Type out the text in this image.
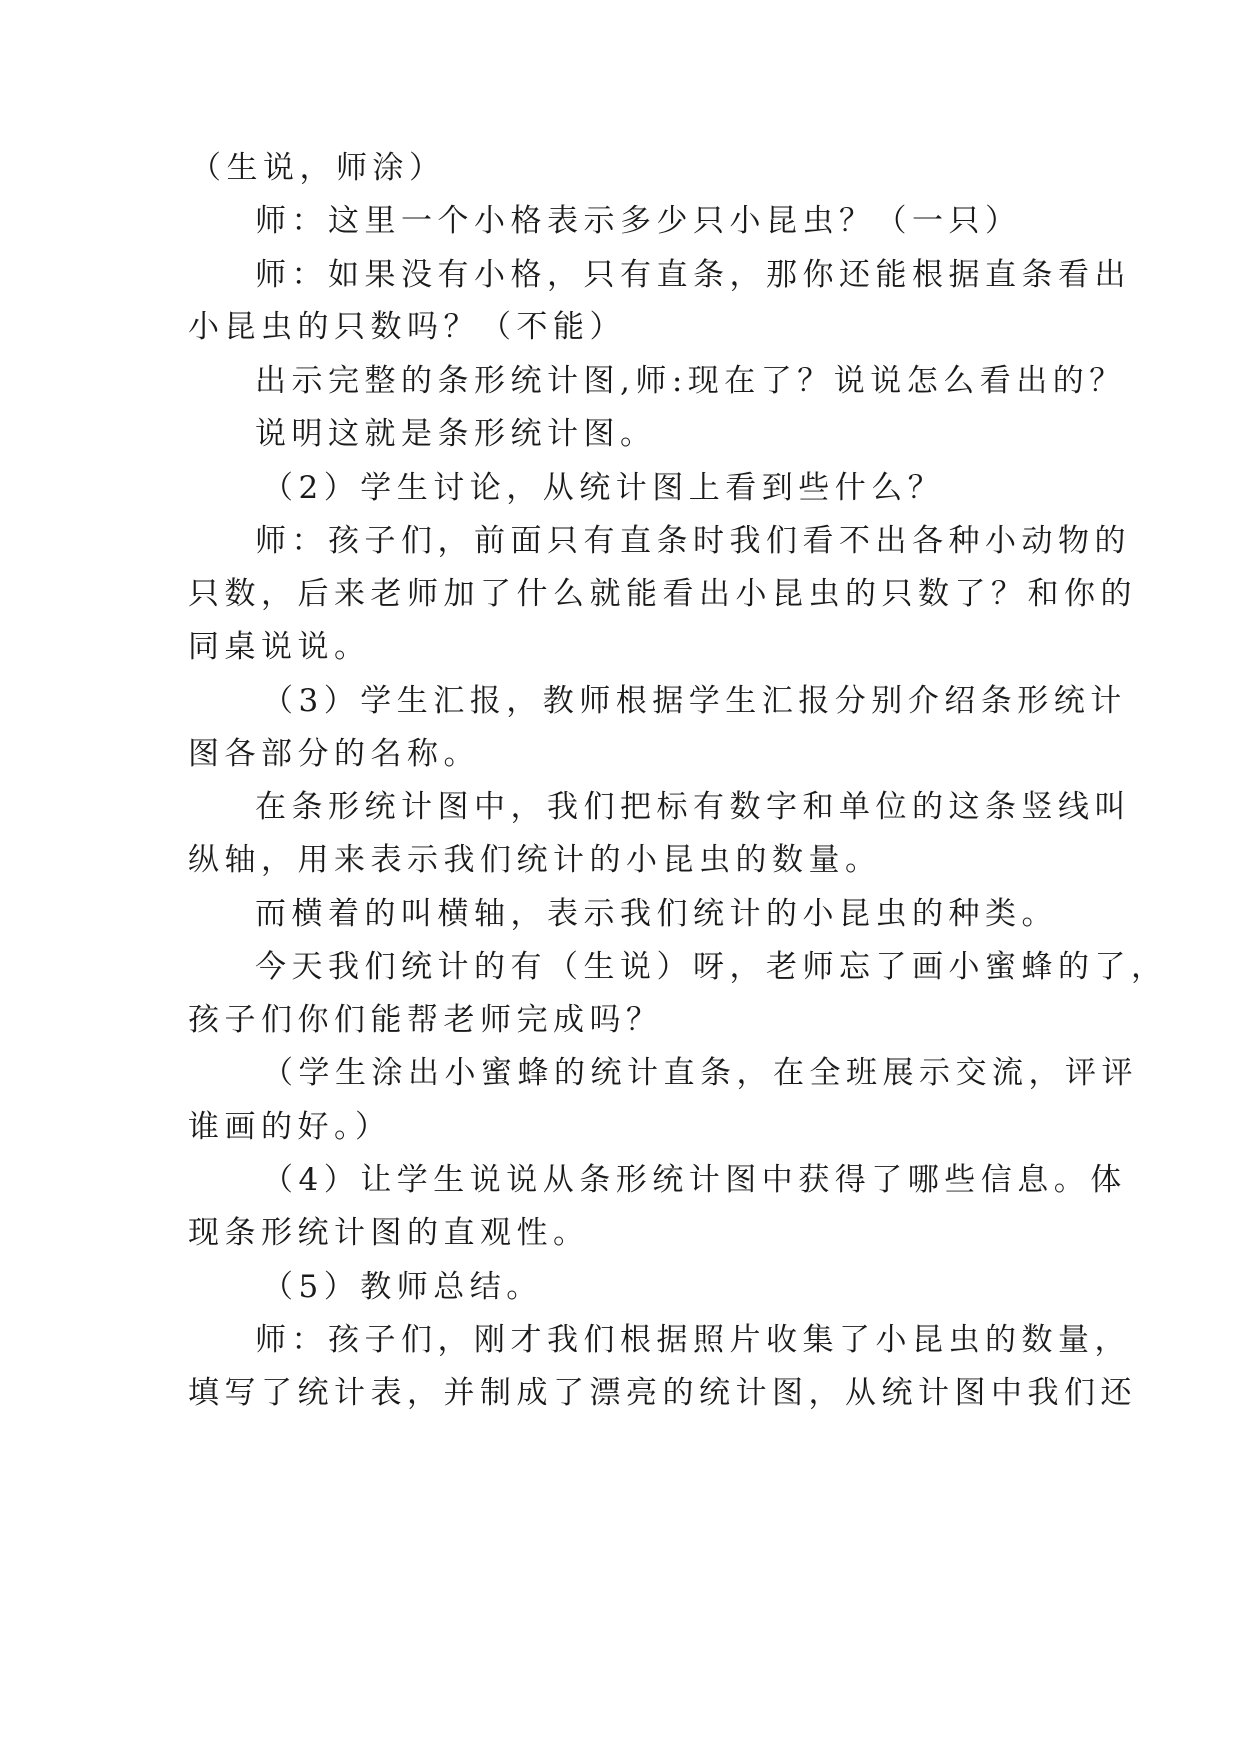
（生说，师涂）
师：这里一个小格表示多少只小昆虫？（一只）
师：如果没有小格，只有直条，那你还能根据直条看出
小昆虫的只数吗？（不能）
出示完整的条形统计图,师:现在了？说说怎么看出的？
说明这就是条形统计图。
（2）学生讨论，从统计图上看到些什么？
师：孩子们，前面只有直条时我们看不出各种小动物的
只数，后来老师加了什么就能看出小昆虫的只数了？和你的
同桌说说。
（3）学生汇报，教师根据学生汇报分别介绍条形统计
图各部分的名称。
在条形统计图中，我们把标有数字和单位的这条竖线叫
纵轴，用来表示我们统计的小昆虫的数量。
而横着的叫横轴，表示我们统计的小昆虫的种类。
今天我们统计的有（生说）呀，老师忘了画小蜜蜂的了，
孩子们你们能帮老师完成吗？
（学生涂出小蜜蜂的统计直条，在全班展示交流，评评
谁画的好。）
（4）让学生说说从条形统计图中获得了哪些信息。体
现条形统计图的直观性。
（5）教师总结。
师：孩子们，刚才我们根据照片收集了小昆虫的数量，
填写了统计表，并制成了漂亮的统计图，从统计图中我们还
